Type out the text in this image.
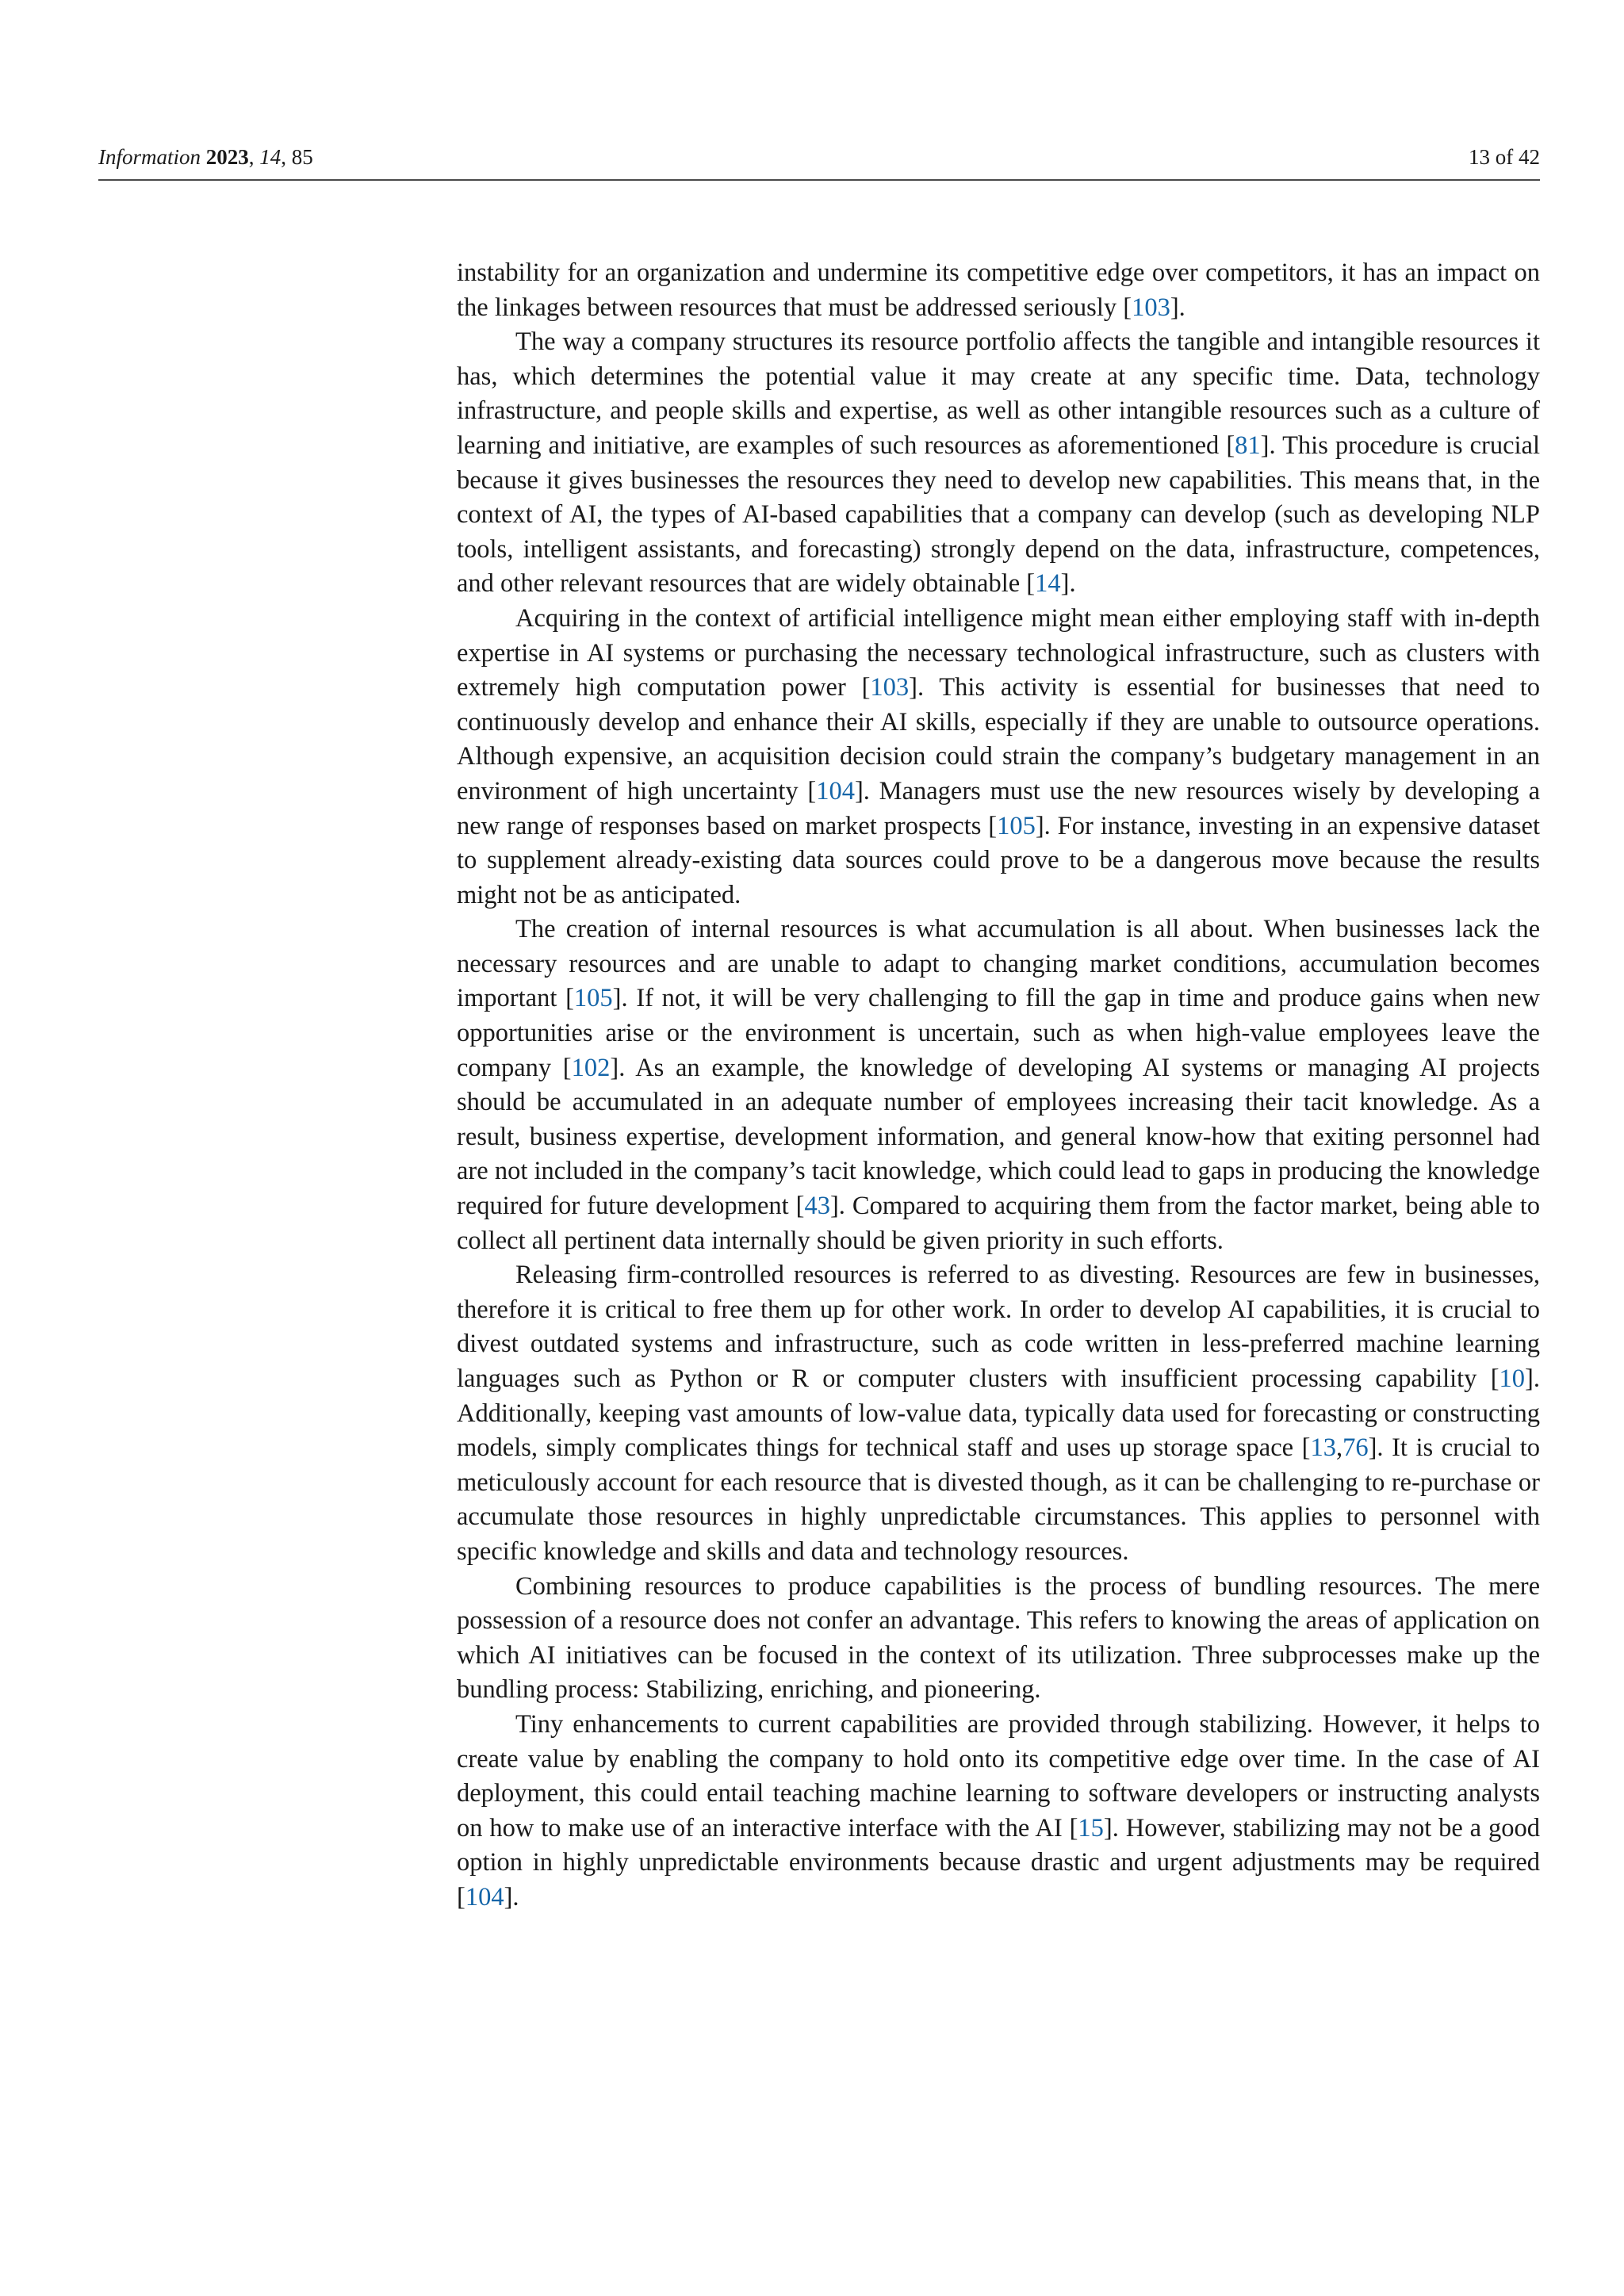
Information 2023, 14, 85	13 of 42

instability for an organization and undermine its competitive edge over competitors, it has an impact on the linkages between resources that must be addressed seriously [103].

The way a company structures its resource portfolio affects the tangible and intangible resources it has, which determines the potential value it may create at any specific time. Data, technology infrastructure, and people skills and expertise, as well as other intangible resources such as a culture of learning and initiative, are examples of such resources as aforementioned [81]. This procedure is crucial because it gives businesses the resources they need to develop new capabilities. This means that, in the context of AI, the types of AI-based capabilities that a company can develop (such as developing NLP tools, intelligent assistants, and forecasting) strongly depend on the data, infrastructure, competences, and other relevant resources that are widely obtainable [14].

Acquiring in the context of artificial intelligence might mean either employing staff with in-depth expertise in AI systems or purchasing the necessary technological infrastructure, such as clusters with extremely high computation power [103]. This activity is essential for businesses that need to continuously develop and enhance their AI skills, especially if they are unable to outsource operations. Although expensive, an acquisition decision could strain the company’s budgetary management in an environment of high uncertainty [104]. Managers must use the new resources wisely by developing a new range of responses based on market prospects [105]. For instance, investing in an expensive dataset to supplement already-existing data sources could prove to be a dangerous move because the results might not be as anticipated.

The creation of internal resources is what accumulation is all about. When businesses lack the necessary resources and are unable to adapt to changing market conditions, accumulation becomes important [105]. If not, it will be very challenging to fill the gap in time and produce gains when new opportunities arise or the environment is uncertain, such as when high-value employees leave the company [102]. As an example, the knowledge of developing AI systems or managing AI projects should be accumulated in an adequate number of employees increasing their tacit knowledge. As a result, business expertise, development information, and general know-how that exiting personnel had are not included in the company’s tacit knowledge, which could lead to gaps in producing the knowledge required for future development [43]. Compared to acquiring them from the factor market, being able to collect all pertinent data internally should be given priority in such efforts.

Releasing firm-controlled resources is referred to as divesting. Resources are few in businesses, therefore it is critical to free them up for other work. In order to develop AI capabilities, it is crucial to divest outdated systems and infrastructure, such as code written in less-preferred machine learning languages such as Python or R or computer clusters with insufficient processing capability [10]. Additionally, keeping vast amounts of low-value data, typically data used for forecasting or constructing models, simply complicates things for technical staff and uses up storage space [13,76]. It is crucial to meticulously account for each resource that is divested though, as it can be challenging to re-purchase or accumulate those resources in highly unpredictable circumstances. This applies to personnel with specific knowledge and skills and data and technology resources.

Combining resources to produce capabilities is the process of bundling resources. The mere possession of a resource does not confer an advantage. This refers to knowing the areas of application on which AI initiatives can be focused in the context of its utilization. Three subprocesses make up the bundling process: Stabilizing, enriching, and pioneering.

Tiny enhancements to current capabilities are provided through stabilizing. However, it helps to create value by enabling the company to hold onto its competitive edge over time. In the case of AI deployment, this could entail teaching machine learning to software developers or instructing analysts on how to make use of an interactive interface with the AI [15]. However, stabilizing may not be a good option in highly unpredictable environments because drastic and urgent adjustments may be required [104].
